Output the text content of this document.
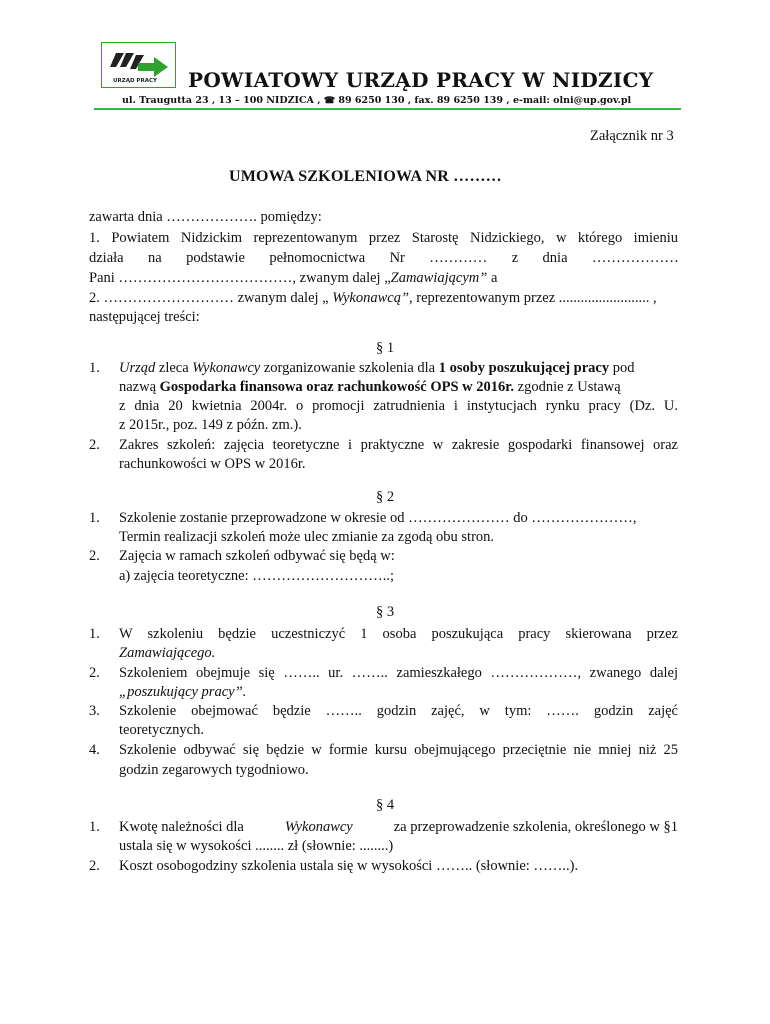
URZĄD PRACY POWIATOWY URZĄD PRACY W NIDZICY
ul. Traugutta 23 , 13 – 100 NIDZICA , ☎ 89 6250 130 , fax. 89 6250 139 , e-mail: olni@up.gov.pl
Załącznik nr 3
UMOWA SZKOLENIOWA NR ………
zawarta dnia ………………. pomiędzy:
1. Powiatem Nidzickim reprezentowanym przez Starostę Nidzickiego, w którego imieniu
działa na podstawie pełnomocnictwa Nr ………… z dnia ………………
Pani ………………………………, zwanym dalej „Zamawiającym” a
2. ……………………… zwanym dalej „ Wykonawcą”, reprezentowanym przez ......................... ,
następującej treści:
§ 1
1. Urząd zleca Wykonawcy zorganizowanie szkolenia dla 1 osoby poszukującej pracy pod
nazwą Gospodarka finansowa oraz rachunkowość OPS w 2016r. zgodnie z Ustawą
z dnia 20 kwietnia 2004r. o promocji zatrudnienia i instytucjach rynku pracy (Dz. U.
z 2015r., poz. 149 z późn. zm.).
2. Zakres szkoleń: zajęcia teoretyczne i praktyczne w zakresie gospodarki finansowej oraz
rachunkowości w OPS w 2016r.
§ 2
1. Szkolenie zostanie przeprowadzone w okresie od ………………… do …………………,
Termin realizacji szkoleń może ulec zmianie za zgodą obu stron.
2. Zajęcia w ramach szkoleń odbywać się będą w:
a) zajęcia teoretyczne: ………………………..;
§ 3
1. W szkoleniu będzie uczestniczyć 1 osoba poszukująca pracy skierowana przez
Zamawiającego.
2. Szkoleniem obejmuje się …….. ur. …….. zamieszkałego ………………, zwanego dalej
„poszukujący pracy”.
3. Szkolenie obejmować będzie …….. godzin zajęć, w tym: ……. godzin zajęć
teoretycznych.
4. Szkolenie odbywać się będzie w formie kursu obejmującego przeciętnie nie mniej niż 25
godzin zegarowych tygodniowo.
§ 4
1. Kwotę należności dla	Wykonawcy	za przeprowadzenie szkolenia, określonego w §1
ustala się w wysokości ........ zł (słownie: ........)
2. Koszt osobogodziny szkolenia ustala się w wysokości …….. (słownie: ……..).
